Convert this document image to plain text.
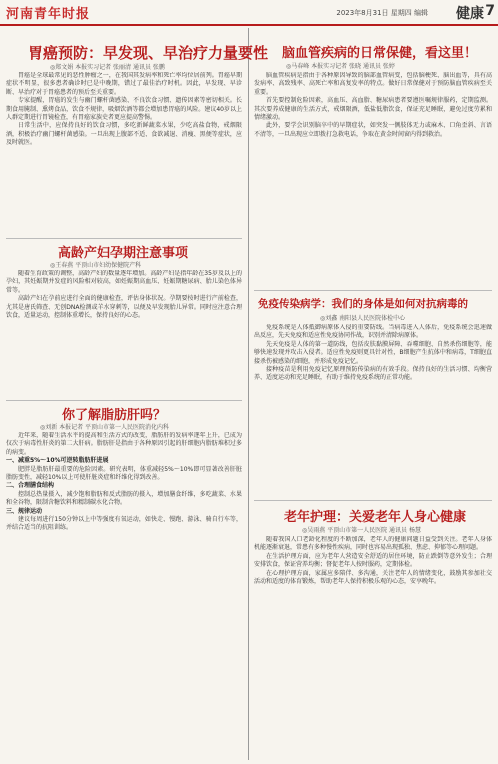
河南青年时报	2023年8月31日 星期四 编辑 健康 7
胃癌预防：早发现、早治疗力量要性
◎郑文娟 本报实习记者 张丽清 通讯员 张鹏

胃癌是全球最常见的恶性肿瘤之一，在我国其发病率和死亡率均位居前列。胃癌早期症状不明显，很多患者确诊时已是中晚期，错过了最佳治疗时机。因此，早发现、早诊断、早治疗对于胃癌患者的预后至关重要。

专家提醒，胃癌的发生与幽门螺杆菌感染、不良饮食习惯、遗传因素等密切相关。长期食用腌制、熏烤食品，饮食不规律，吸烟饮酒等都会增加患胃癌的风险。建议40岁以上人群定期进行胃镜检查，有胃癌家族史者更应提高警惕。

日常生活中，应保持良好的饮食习惯，多吃新鲜蔬菜水果，少吃高盐食物，戒烟限酒，积极治疗幽门螺杆菌感染。一旦出现上腹部不适、食欲减退、消瘦、黑便等症状，应及时就医。

高龄产妇孕期注意事项
◎王春燕 平顶山市妇幼保健院产科

随着生育政策的调整，高龄产妇的数量逐年增加。高龄产妇是指年龄在35岁及以上的孕妇，其妊娠期并发症的风险相对较高，如妊娠期高血压、妊娠期糖尿病、胎儿染色体异常等。

高龄产妇在孕前应进行全面的健康检查，评估身体状况。孕期要按时进行产前检查，尤其是唐氏筛查、无创DNA检测或羊水穿刺等，以便及早发现胎儿异常。同时应注意合理饮食，适量运动，控制体重增长，保持良好的心态。

你了解脂肪肝吗？
◎刘新 本报记者 平顶山市第一人民医院消化内科

近年来，随着生活水平的提高和生活方式的改变，脂肪肝的发病率逐年上升，已成为仅次于病毒性肝炎的第二大肝病。脂肪肝是指由于各种原因引起的肝细胞内脂肪堆积过多的病变。

一、减重5%～10%可逆转脂肪肝进展

肥胖是脂肪肝最重要的危险因素。研究表明，体重减轻5%～10%即可显著改善肝脏脂肪变性，减轻10%以上可使肝脏炎症和纤维化得到改善。

二、合理膳食结构

控制总热量摄入，减少饱和脂肪和反式脂肪的摄入，增加膳食纤维，多吃蔬菜、水果和全谷物，限制含糖饮料和精制碳水化合物。

三、规律运动

建议每周进行150分钟以上中等强度有氧运动，如快走、慢跑、游泳、骑自行车等，并结合适当的抗阻训练。

脑血管疾病的日常保健，看这里！
◎马春峰 本报实习记者 张晓 通讯员 张婷

脑血管疾病是指由于各种原因导致的脑部血管病变，包括脑梗死、脑出血等，具有高发病率、高致残率、高死亡率和高复发率的特点。做好日常保健对于预防脑血管疾病至关重要。

首先要控制危险因素，高血压、高血脂、糖尿病患者要遵医嘱规律服药，定期监测。其次要养成健康的生活方式，戒烟限酒，低盐低脂饮食，保证充足睡眠，避免过度劳累和情绪激动。

此外，要学会识别脑卒中的早期症状，如突发一侧肢体无力或麻木、口角歪斜、言语不清等，一旦出现应立即拨打急救电话，争取在黄金时间窗内得到救治。

免疫传染病学：我们的身体是如何对抗病毒的
◎刘鑫 南阳县人民医院体检中心

免疫系统是人体抵御病原体入侵的重要防线。当病毒进入人体后，免疫系统会迅速做出反应，先天免疫和适应性免疫协同作战，识别并清除病原体。

先天免疫是人体的第一道防线，包括皮肤黏膜屏障、吞噬细胞、自然杀伤细胞等，能够快速发现并攻击入侵者。适应性免疫则更具针对性，B细胞产生抗体中和病毒，T细胞直接杀伤被感染的细胞，并形成免疫记忆。

接种疫苗是利用免疫记忆原理预防传染病的有效手段。保持良好的生活习惯、均衡营养、适度运动和充足睡眠，有助于维持免疫系统的正常功能。

老年护理：关爱老年人身心健康
◎吴雨燕 平顶山市第一人民医院 通讯员 杨慧

随着我国人口老龄化程度的不断加深，老年人的健康问题日益受到关注。老年人身体机能逐渐衰退，常患有多种慢性疾病，同时也容易出现孤独、焦虑、抑郁等心理问题。

在生活护理方面，应为老年人营造安全舒适的居住环境，防止跌倒等意外发生；合理安排饮食，保证营养均衡；督促老年人按时服药，定期体检。

在心理护理方面，家属应多陪伴、多沟通，关注老年人的情绪变化，鼓励其参加社交活动和适度的体育锻炼，帮助老年人保持积极乐观的心态，安享晚年。
